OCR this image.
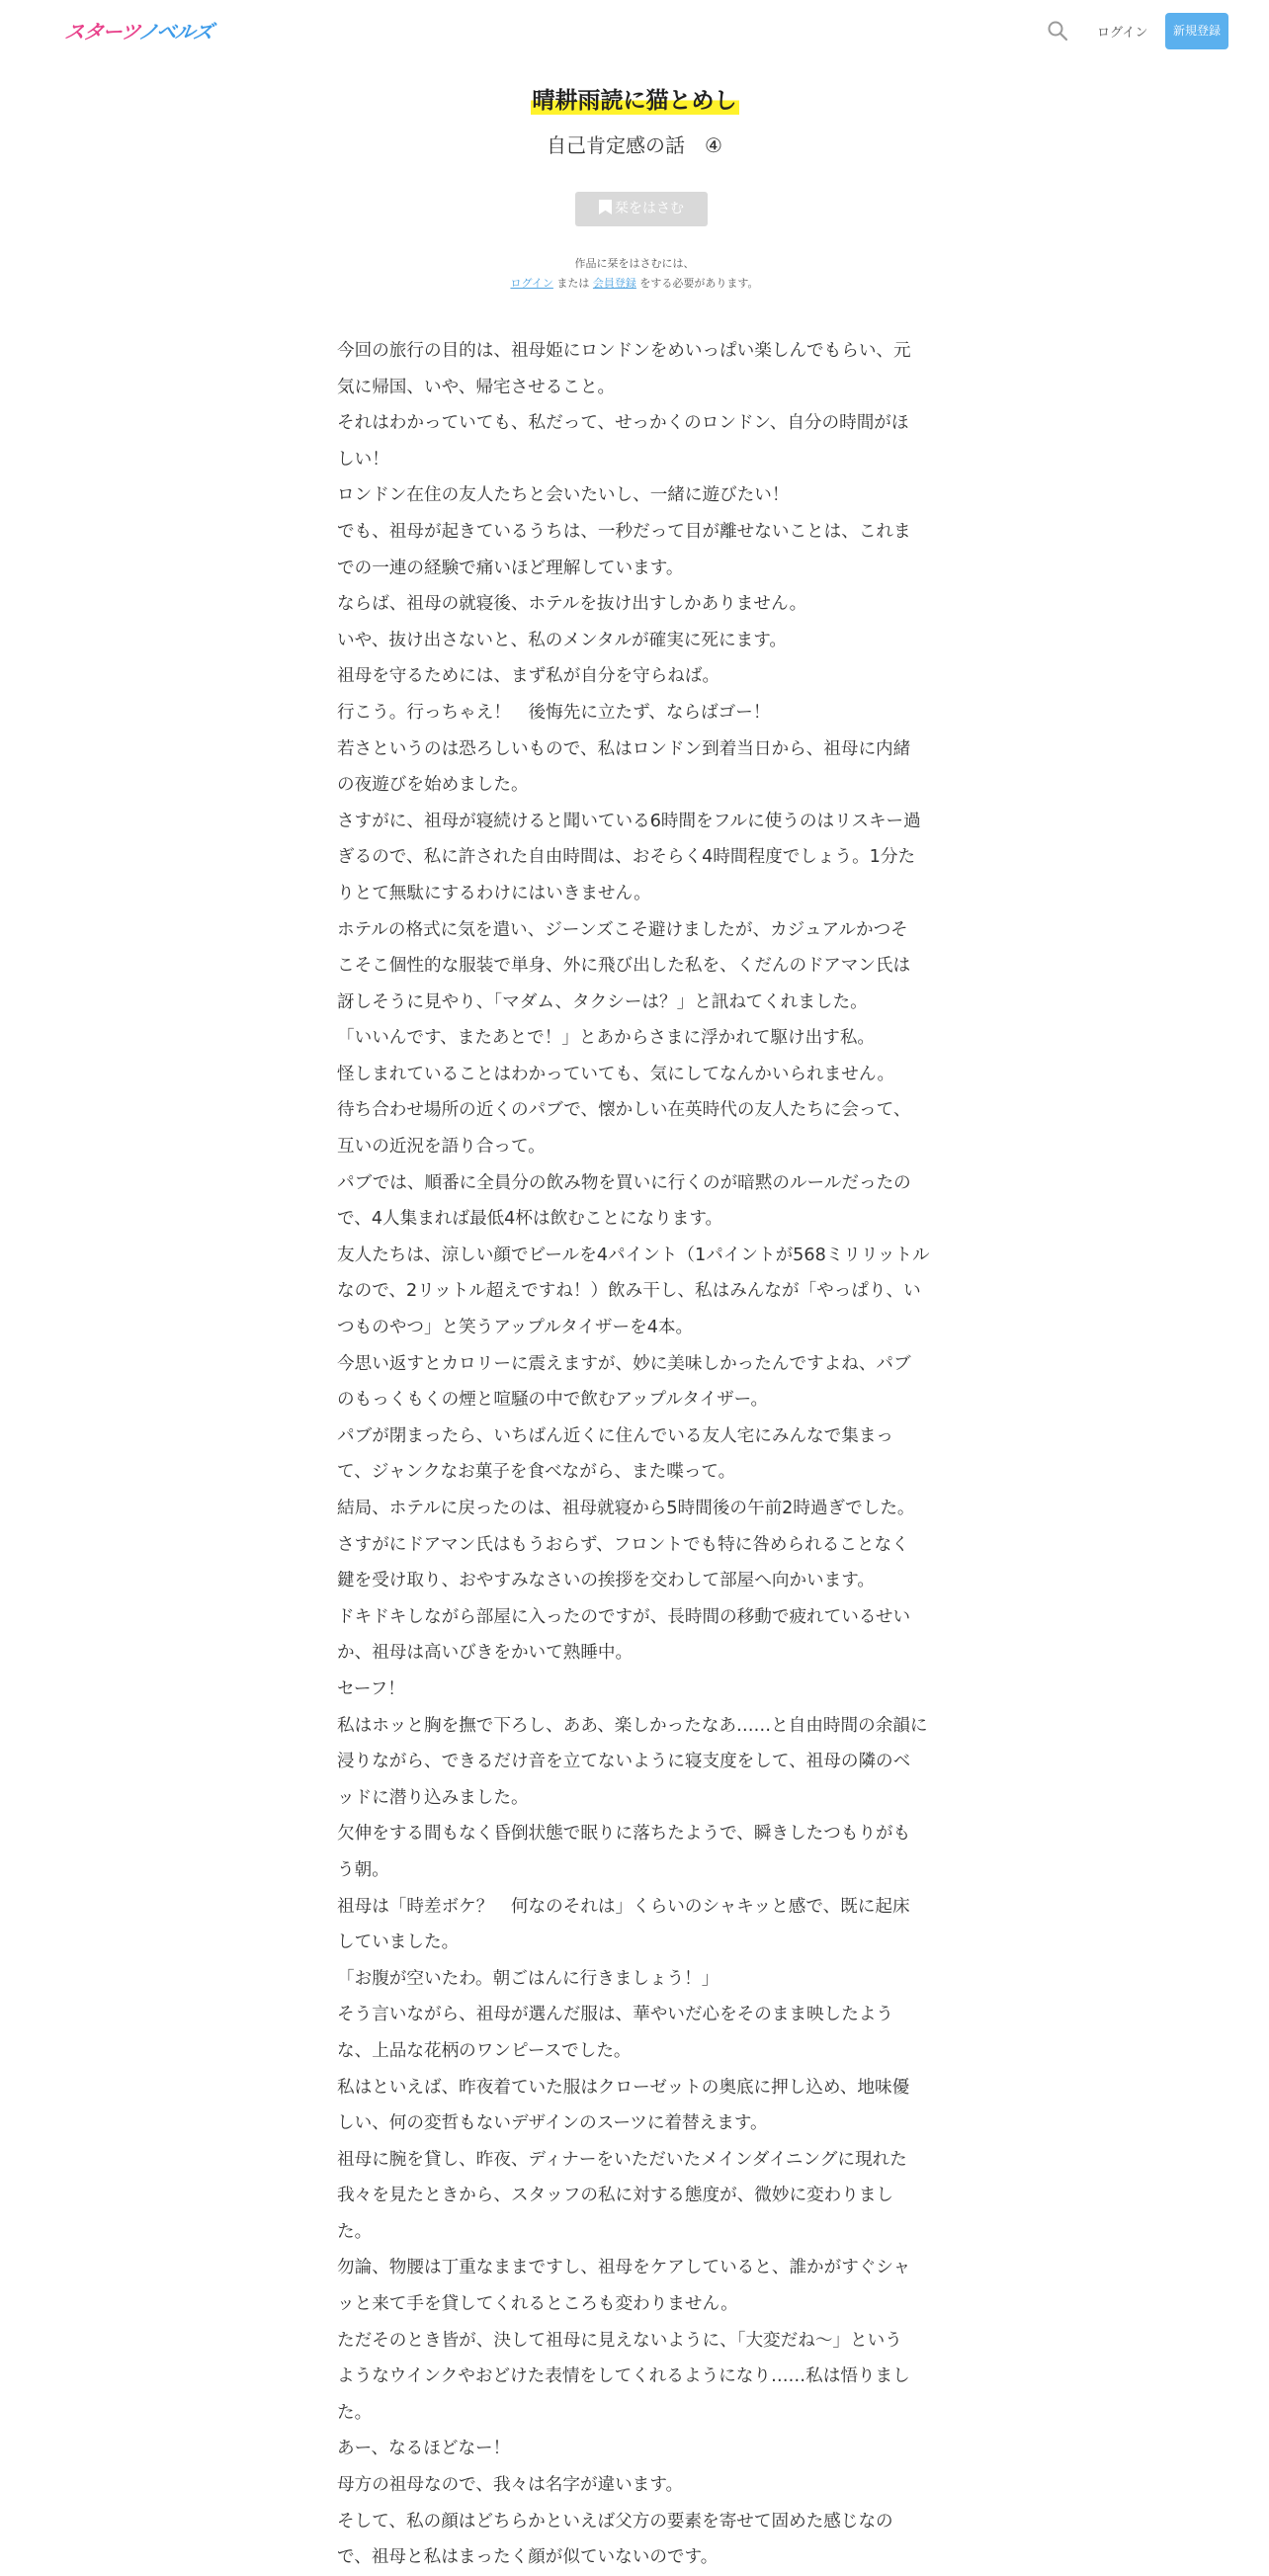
スターツノベルズ	ログイン	新規登録
晴耕雨読に猫とめし
自己肯定感の話　④
栞をはさむ
作品に栞をはさむには、
ログイン または 会員登録 をする必要があります。

今回の旅行の目的は、祖母姫にロンドンをめいっぱい楽しんでもらい、元

気に帰国、いや、帰宅させること。

それはわかっていても、私だって、せっかくのロンドン、自分の時間がほ

しい！

ロンドン在住の友人たちと会いたいし、一緒に遊びたい！

でも、祖母が起きているうちは、一秒だって目が離せないことは、これま

での一連の経験で痛いほど理解しています。

ならば、祖母の就寝後、ホテルを抜け出すしかありません。

いや、抜け出さないと、私のメンタルが確実に死にます。

祖母を守るためには、まず私が自分を守らねば。

行こう。行っちゃえ！　後悔先に立たず、ならばゴー！

若さというのは恐ろしいもので、私はロンドン到着当日から、祖母に内緒

の夜遊びを始めました。

さすがに、祖母が寝続けると聞いている6時間をフルに使うのはリスキー過

ぎるので、私に許された自由時間は、おそらく4時間程度でしょう。1分た

りとて無駄にするわけにはいきません。

ホテルの格式に気を遣い、ジーンズこそ避けましたが、カジュアルかつそ

こそこ個性的な服装で単身、外に飛び出した私を、くだんのドアマン氏は

訝しそうに見やり、「マダム、タクシーは？」と訊ねてくれました。

「いいんです、またあとで！」とあからさまに浮かれて駆け出す私。

怪しまれていることはわかっていても、気にしてなんかいられません。

待ち合わせ場所の近くのパブで、懐かしい在英時代の友人たちに会って、

互いの近況を語り合って。

パブでは、順番に全員分の飲み物を買いに行くのが暗黙のルールだったの

で、4人集まれば最低4杯は飲むことになります。

友人たちは、涼しい顔でビールを4パイント（1パイントが568ミリリットル

なので、2リットル超えですね！）飲み干し、私はみんなが「やっぱり、い

つものやつ」と笑うアップルタイザーを4本。

今思い返すとカロリーに震えますが、妙に美味しかったんですよね、パブ

のもっくもくの煙と喧騒の中で飲むアップルタイザー。

パブが閉まったら、いちばん近くに住んでいる友人宅にみんなで集まっ

て、ジャンクなお菓子を食べながら、また喋って。

結局、ホテルに戻ったのは、祖母就寝から5時間後の午前2時過ぎでした。

さすがにドアマン氏はもうおらず、フロントでも特に咎められることなく

鍵を受け取り、おやすみなさいの挨拶を交わして部屋へ向かいます。

ドキドキしながら部屋に入ったのですが、長時間の移動で疲れているせい

か、祖母は高いびきをかいて熟睡中。

セーフ！

私はホッと胸を撫で下ろし、ああ、楽しかったなあ……と自由時間の余韻に

浸りながら、できるだけ音を立てないように寝支度をして、祖母の隣のベ

ッドに潜り込みました。

欠伸をする間もなく昏倒状態で眠りに落ちたようで、瞬きしたつもりがも

う朝。

祖母は「時差ボケ？　何なのそれは」くらいのシャキッと感で、既に起床

していました。

「お腹が空いたわ。朝ごはんに行きましょう！」

そう言いながら、祖母が選んだ服は、華やいだ心をそのまま映したよう

な、上品な花柄のワンピースでした。

私はといえば、昨夜着ていた服はクローゼットの奥底に押し込め、地味優

しい、何の変哲もないデザインのスーツに着替えます。

祖母に腕を貸し、昨夜、ディナーをいただいたメインダイニングに現れた

我々を見たときから、スタッフの私に対する態度が、微妙に変わりまし

た。

勿論、物腰は丁重なままですし、祖母をケアしていると、誰かがすぐシャ

ッと来て手を貸してくれるところも変わりません。

ただそのとき皆が、決して祖母に見えないように、「大変だね～」という

ようなウインクやおどけた表情をしてくれるようになり……私は悟りまし

た。

あー、なるほどなー！

母方の祖母なので、我々は名字が違います。

そして、私の顔はどちらかといえば父方の要素を寄せて固めた感じなの

で、祖母と私はまったく顔が似ていないのです。
